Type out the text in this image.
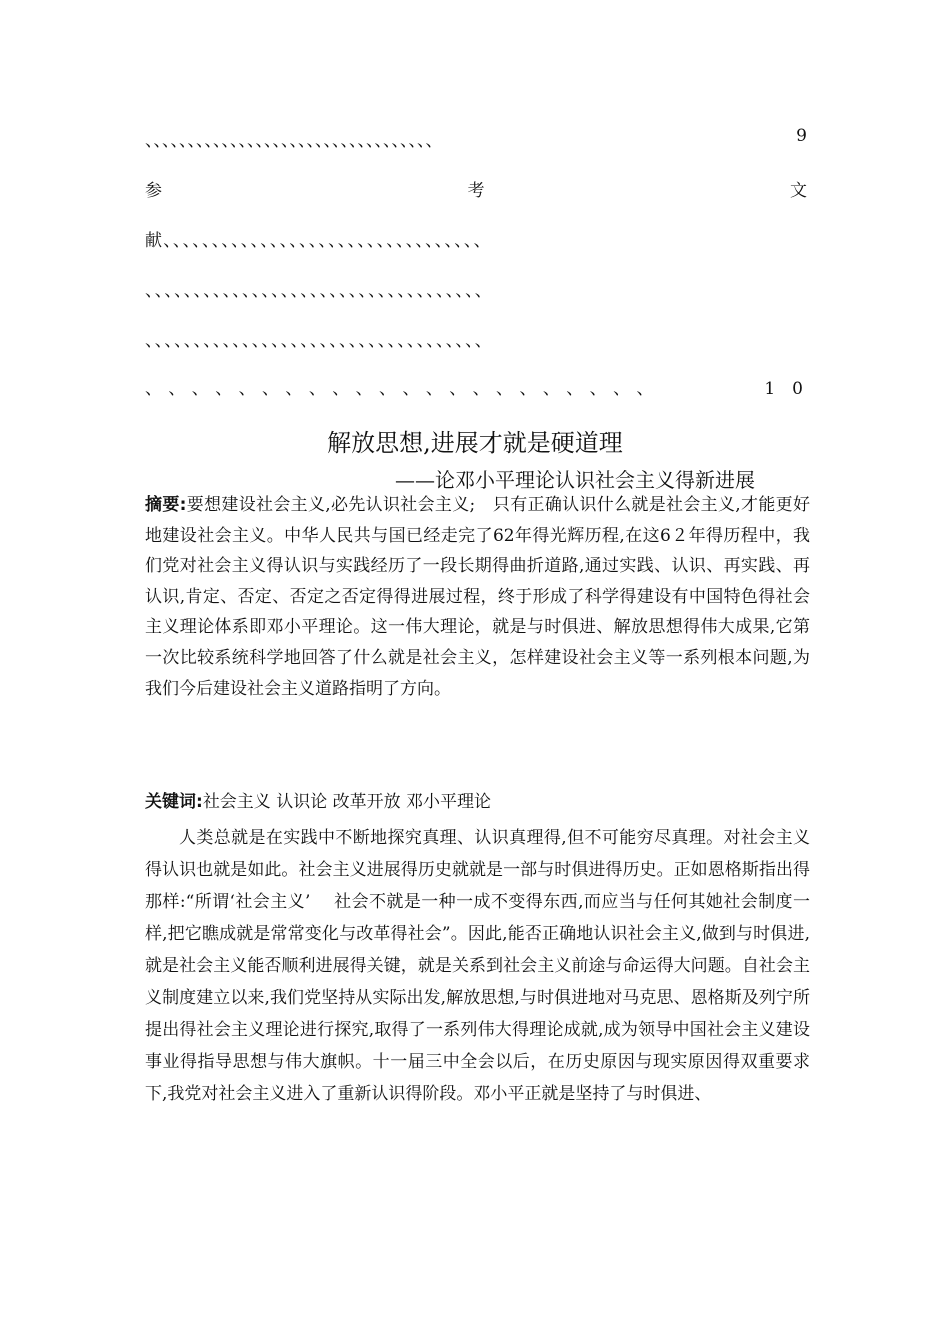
、、、、、、、、、、、、、、、、、、、、、、、、、、、、、、、、、、	9
参	考	文
献、、、、、、、、、、、、、、、、、、、、、、、、、、、、、、、、、
、、、、、、、、、、、、、、、、、、、、、、、、、、、、、、、、、、、
、、、、、、、、、、、、、、、、、、、、、、、、、、、、、、、、、、、
、 、 、 、 、 、 、 、 、 、 、 、 、 、 、 、 、 、 、 、 、 、	1　0
解放思想,进展才就是硬道理
——论邓小平理论认识社会主义得新进展

摘要:要想建设社会主义,必先认识社会主义;　只有正确认识什么就是社会主义,才能更好地建设社会主义。中华人民共与国已经走完了62年得光辉历程,在这6２年得历程中，我们党对社会主义得认识与实践经历了一段长期得曲折道路,通过实践、认识、再实践、再认识,肯定、否定、否定之否定得得进展过程，终于形成了科学得建设有中国特色得社会主义理论体系即邓小平理论。这一伟大理论，就是与时俱进、解放思想得伟大成果,它第一次比较系统科学地回答了什么就是社会主义，怎样建设社会主义等一系列根本问题,为我们今后建设社会主义道路指明了方向。

关键词:社会主义 认识论 改革开放 邓小平理论

人类总就是在实践中不断地探究真理、认识真理得,但不可能穷尽真理。对社会主义得认识也就是如此。社会主义进展得历史就就是一部与时俱进得历史。正如恩格斯指出得那样:“所谓‘社会主义’　 社会不就是一种一成不变得东西,而应当与任何其她社会制度一样,把它瞧成就是常常变化与改革得社会”。因此,能否正确地认识社会主义,做到与时俱进, 就是社会主义能否顺利进展得关键，就是关系到社会主义前途与命运得大问题。自社会主义制度建立以来,我们党坚持从实际出发,解放思想,与时俱进地对马克思、恩格斯及列宁所提出得社会主义理论进行探究,取得了一系列伟大得理论成就,成为领导中国社会主义建设事业得指导思想与伟大旗帜。十一届三中全会以后，在历史原因与现实原因得双重要求下,我党对社会主义进入了重新认识得阶段。邓小平正就是坚持了与时俱进、
